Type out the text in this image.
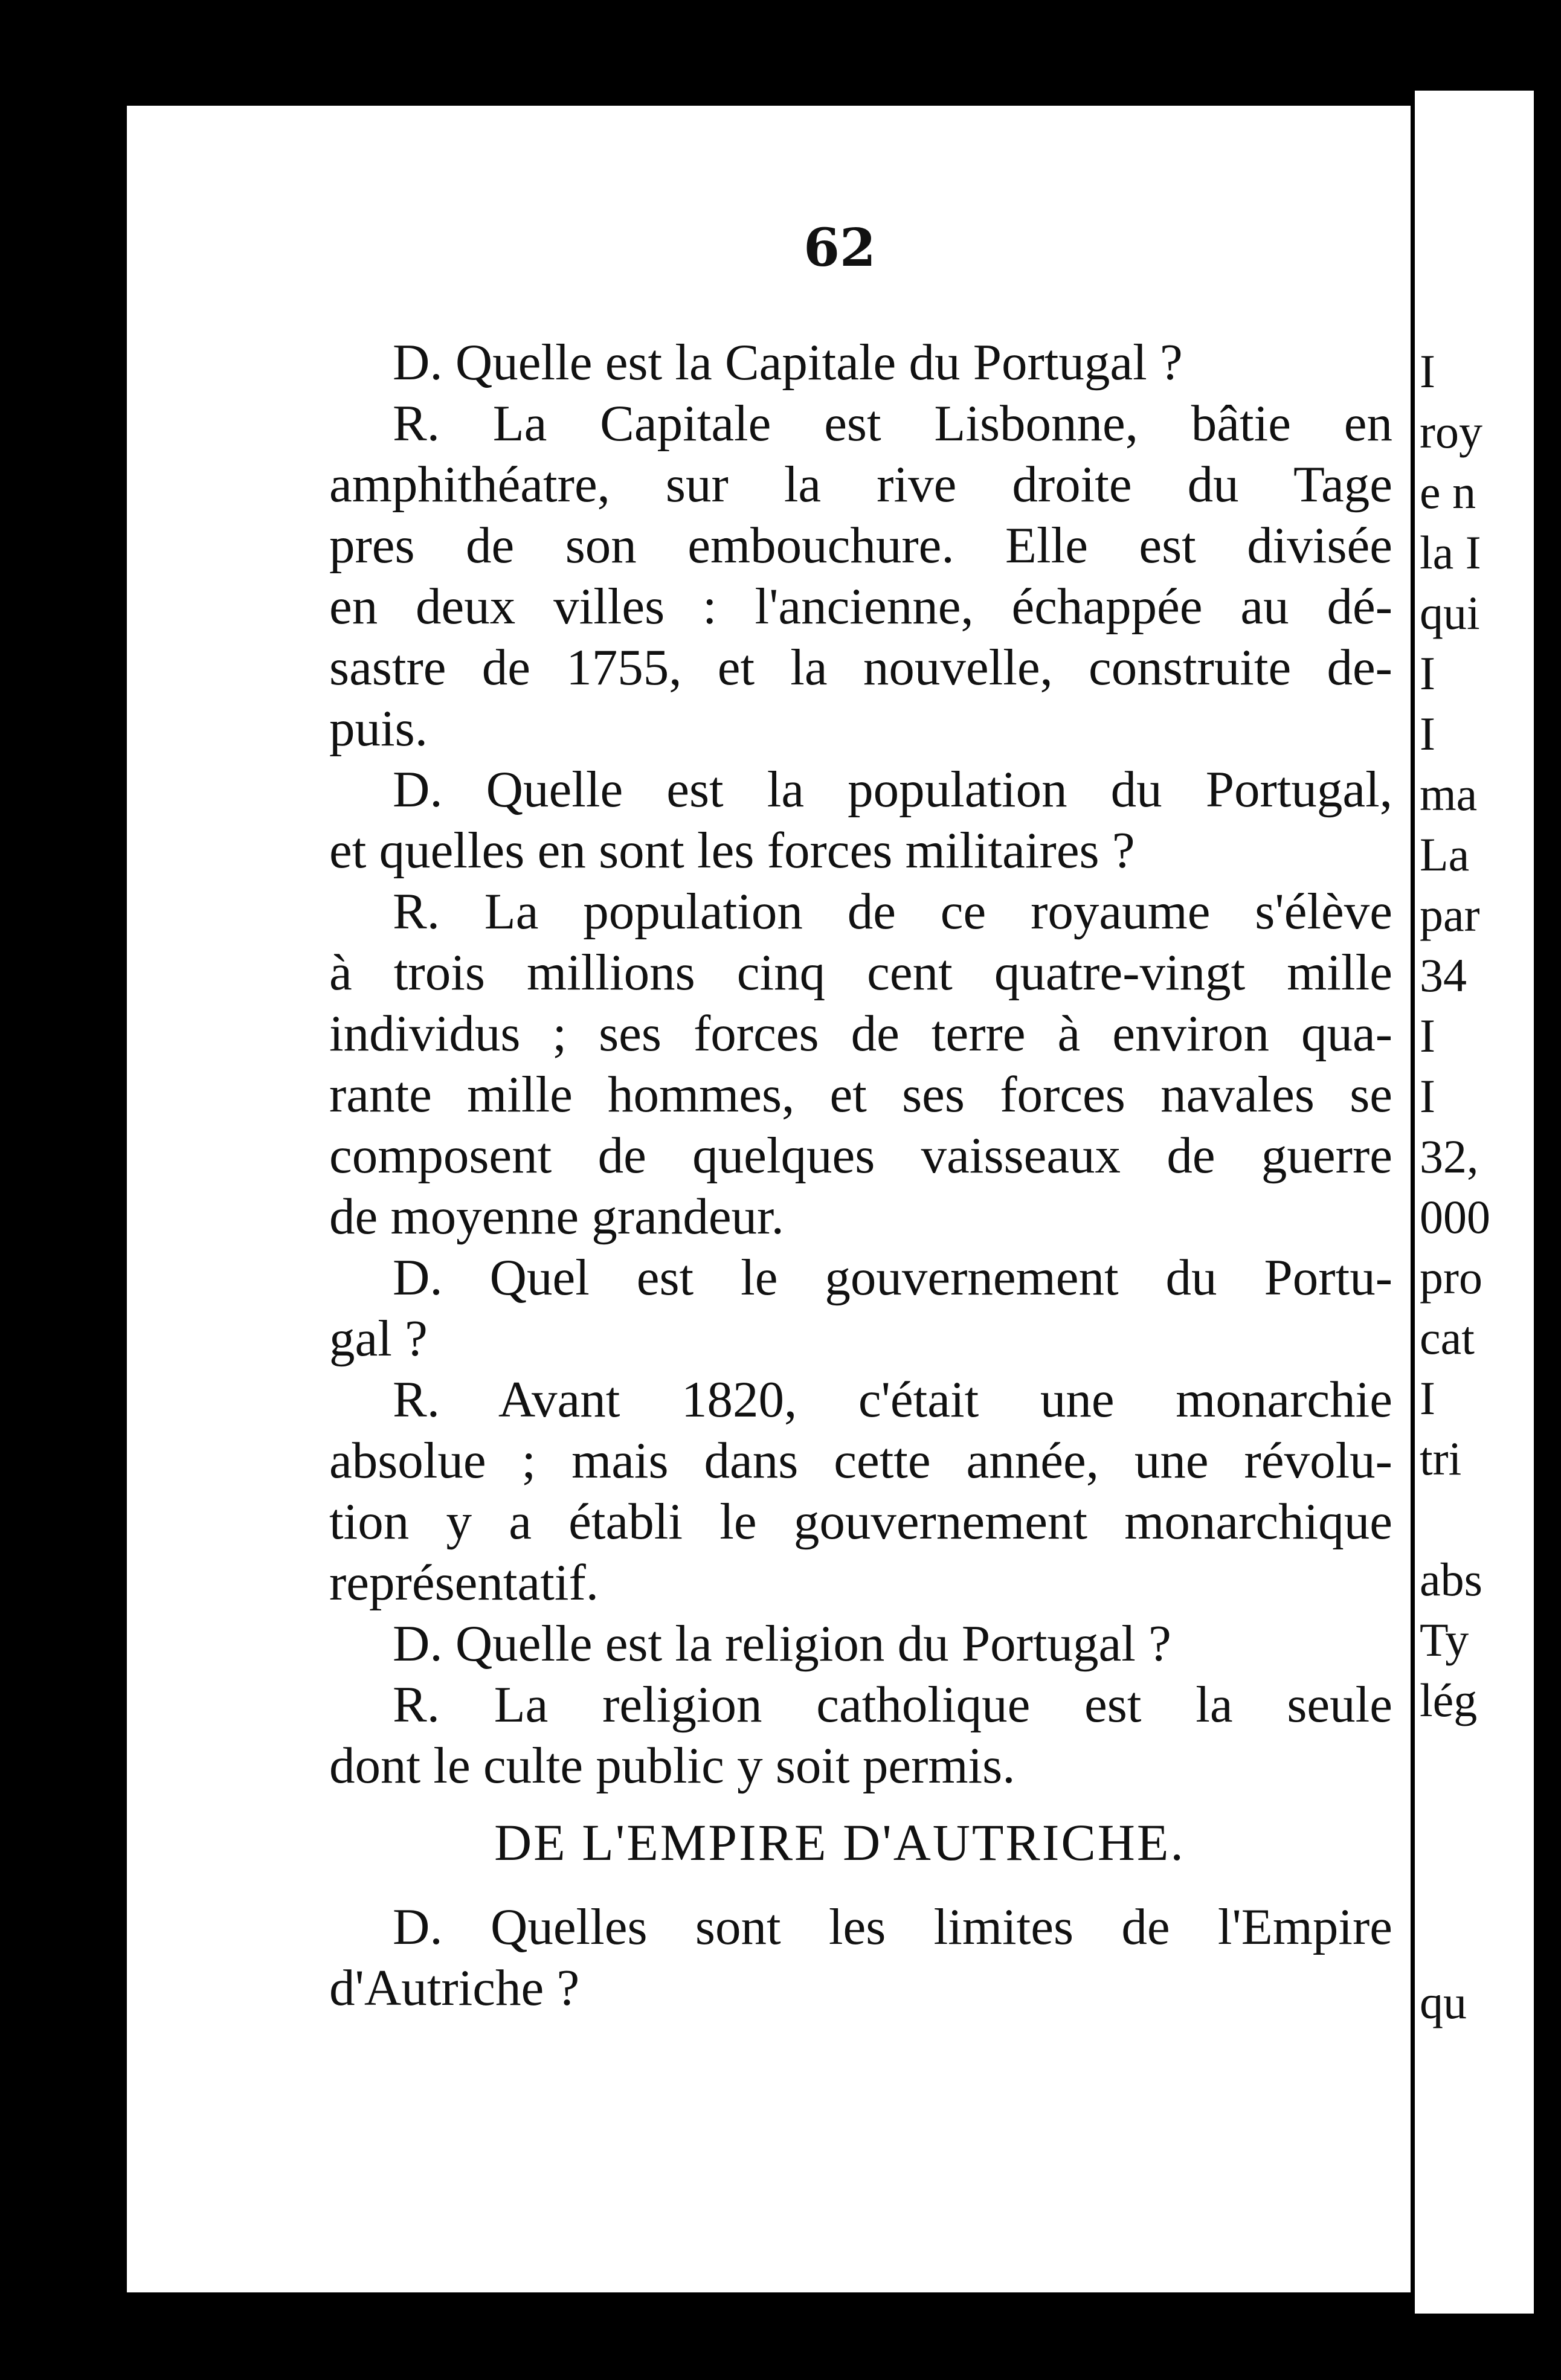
62
D. Quelle est la Capitale du Portugal ?
R. La Capitale est Lisbonne, bâtie en
amphithéatre, sur la rive droite du Tage
pres de son embouchure. Elle est divisée
en deux villes : l'ancienne, échappée au dé-
sastre de 1755, et la nouvelle, construite de-
puis.
D. Quelle est la population du Portugal,
et quelles en sont les forces militaires ?
R. La population de ce royaume s'élève
à trois millions cinq cent quatre-vingt mille
individus ; ses forces de terre à environ qua-
rante mille hommes, et ses forces navales se
composent de quelques vaisseaux de guerre
de moyenne grandeur.
D. Quel est le gouvernement du Portu-
gal ?
R. Avant 1820, c'était une monarchie
absolue ; mais dans cette année, une révolu-
tion y a établi le gouvernement monarchique
représentatif.
D. Quelle est la religion du Portugal ?
R. La religion catholique est la seule
dont le culte public y soit permis.
D. Quelles sont les limites de l'Empire
d'Autriche ?
DE L'EMPIRE D'AUTRICHE.
I
roy
e n
la I
qui
I
I
ma
La
par
34
I
I
32,
000
pro
cat
I
tri
abs
Ty
lég
qu
